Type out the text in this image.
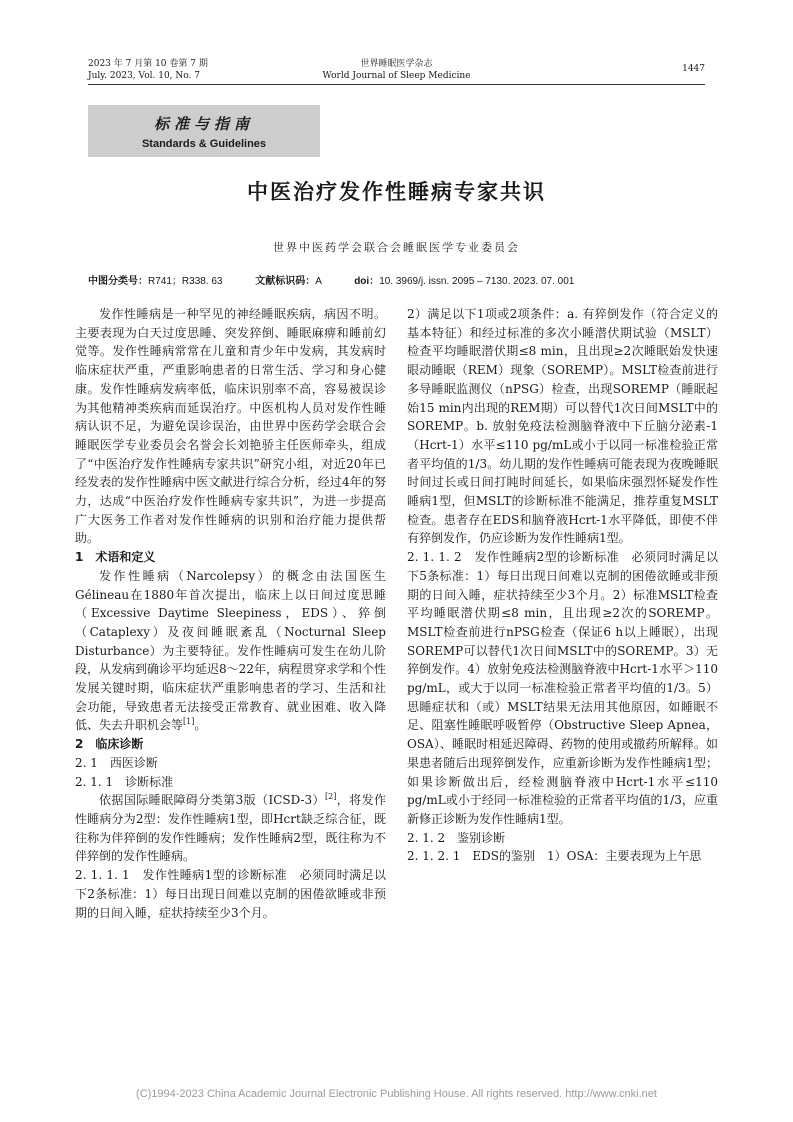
2023 年 7 月第 10 卷第 7 期
July. 2023, Vol. 10, No. 7
世界睡眠医学杂志
World Journal of Sleep Medicine
1447
标准与指南
Standards & Guidelines
中医治疗发作性睡病专家共识
世界中医药学会联合会睡眠医学专业委员会
中图分类号：R741；R338. 63	文献标识码：A	doi：10. 3969/j. issn. 2095 – 7130. 2023. 07. 001

发作性睡病是一种罕见的神经睡眠疾病，病因不明。主要表现为白天过度思睡、突发猝倒、睡眠麻痹和睡前幻觉等。发作性睡病常常在儿童和青少年中发病，其发病时临床症状严重，严重影响患者的日常生活、学习和身心健康。发作性睡病发病率低，临床识别率不高，容易被误诊为其他精神类疾病而延误治疗。中医机构人员对发作性睡病认识不足，为避免误诊误治，由世界中医药学会联合会睡眠医学专业委员会名誉会长刘艳骄主任医师牵头，组成了“中医治疗发作性睡病专家共识”研究小组，对近20年已经发表的发作性睡病中医文献进行综合分析，经过4年的努力，达成“中医治疗发作性睡病专家共识”，为进一步提高广大医务工作者对发作性睡病的识别和治疗能力提供帮助。

1　术语和定义

发作性睡病（Narcolepsy）的概念由法国医生Gélineau在1880年首次提出，临床上以日间过度思睡（Excessive Daytime Sleepiness，EDS）、猝倒（Cataplexy）及夜间睡眠紊乱（Nocturnal Sleep Disturbance）为主要特征。发作性睡病可发生在幼儿阶段，从发病到确诊平均延迟8～22年，病程贯穿求学和个性发展关键时期，临床症状严重影响患者的学习、生活和社会功能，导致患者无法接受正常教育、就业困难、收入降低、失去升职机会等[1]。

2　临床诊断

2. 1　西医诊断

2. 1. 1　诊断标准

依据国际睡眠障碍分类第3版（ICSD-3）[2]，将发作性睡病分为2型：发作性睡病1型，即Hcrt缺乏综合征，既往称为伴猝倒的发作性睡病；发作性睡病2型，既往称为不伴猝倒的发作性睡病。

2. 1. 1. 1　发作性睡病1型的诊断标准　必须同时满足以下2条标准：1）每日出现日间难以克制的困倦欲睡或非预期的日间入睡，症状持续至少3个月。

2）满足以下1项或2项条件：a. 有猝倒发作（符合定义的基本特征）和经过标准的多次小睡潜伏期试验（MSLT）检查平均睡眠潜伏期≤8 min，且出现≥2次睡眠始发快速眼动睡眠（REM）现象（SOREMP）。MSLT检查前进行多导睡眠监测仪（nPSG）检查，出现SOREMP（睡眠起始15 min内出现的REM期）可以替代1次日间MSLT中的SOREMP。b. 放射免疫法检测脑脊液中下丘脑分泌素-1（Hcrt-1）水平≤110 pg/mL或小于以同一标准检验正常者平均值的1/3。幼儿期的发作性睡病可能表现为夜晚睡眠时间过长或日间打盹时间延长，如果临床强烈怀疑发作性睡病1型，但MSLT的诊断标准不能满足，推荐重复MSLT检查。患者存在EDS和脑脊液Hcrt-1水平降低，即使不伴有猝倒发作，仍应诊断为发作性睡病1型。

2. 1. 1. 2　发作性睡病2型的诊断标准　必须同时满足以下5条标准：1）每日出现日间难以克制的困倦欲睡或非预期的日间入睡，症状持续至少3个月。2）标准MSLT检查平均睡眠潜伏期≤8 min，且出现≥2次的SOREMP。MSLT检查前进行nPSG检查（保证6 h以上睡眠），出现SOREMP可以替代1次日间MSLT中的SOREMP。3）无猝倒发作。4）放射免疫法检测脑脊液中Hcrt-1水平＞110 pg/mL，或大于以同一标准检验正常者平均值的1/3。5）思睡症状和（或）MSLT结果无法用其他原因，如睡眠不足、阻塞性睡眠呼吸暂停（Obstructive Sleep Apnea，OSA）、睡眠时相延迟障碍、药物的使用或撤药所解释。如果患者随后出现猝倒发作，应重新诊断为发作性睡病1型；如果诊断做出后，经检测脑脊液中Hcrt-1水平≤110 pg/mL或小于经同一标准检验的正常者平均值的1/3，应重新修正诊断为发作性睡病1型。

2. 1. 2　鉴别诊断

2. 1. 2. 1　EDS的鉴别　1）OSA：主要表现为上午思

(C)1994-2023 China Academic Journal Electronic Publishing House. All rights reserved. http://www.cnki.net
